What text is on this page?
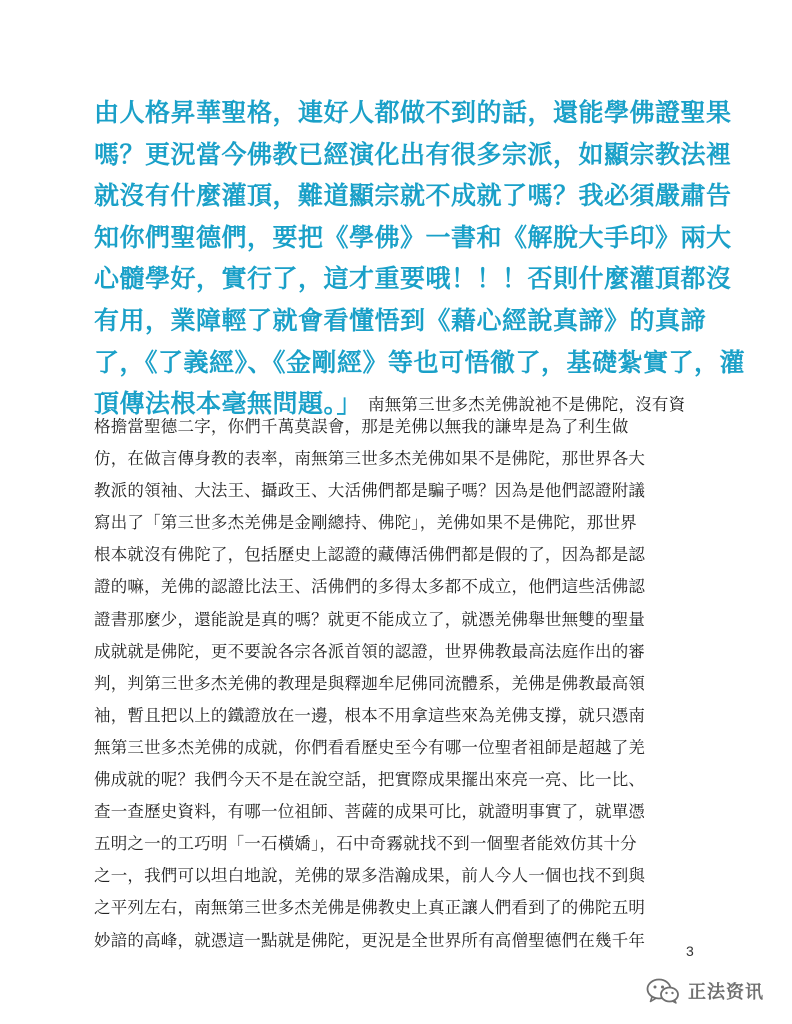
由人格昇華聖格，連好人都做不到的話，還能學佛證聖果
嗎？更況當今佛教已經演化出有很多宗派，如顯宗教法裡
就沒有什麼灌頂，難道顯宗就不成就了嗎？我必須嚴肅告
知你們聖德們，要把《學佛》一書和《解脫大手印》兩大
心髓學好，實行了，這才重要哦！！！否則什麼灌頂都沒
有用，業障輕了就會看懂悟到《藉心經說真諦》的真諦
了，《了義經》、《金剛經》等也可悟徹了，基礎紮實了，灌
頂傳法根本毫無問題。」 南無第三世多杰羌佛說祂不是佛陀，沒有資
格擔當聖德二字，你們千萬莫誤會，那是羌佛以無我的謙卑是為了利生做
仿，在做言傳身教的表率，南無第三世多杰羌佛如果不是佛陀，那世界各大
教派的領袖、大法王、攝政王、大活佛們都是騙子嗎？因為是他們認證附議
寫出了「第三世多杰羌佛是金剛總持、佛陀」，羌佛如果不是佛陀，那世界
根本就沒有佛陀了，包括歷史上認證的藏傳活佛們都是假的了，因為都是認
證的嘛，羌佛的認證比法王、活佛們的多得太多都不成立，他們這些活佛認
證書那麼少，還能說是真的嗎？就更不能成立了，就憑羌佛舉世無雙的聖量
成就就是佛陀，更不要說各宗各派首領的認證，世界佛教最高法庭作出的審
判，判第三世多杰羌佛的教理是與釋迦牟尼佛同流體系，羌佛是佛教最高領
袖，暫且把以上的鐵證放在一邊，根本不用拿這些來為羌佛支撐，就只憑南
無第三世多杰羌佛的成就，你們看看歷史至今有哪一位聖者祖師是超越了羌
佛成就的呢？我們今天不是在說空話，把實際成果擺出來亮一亮、比一比、
查一查歷史資料，有哪一位祖師、菩薩的成果可比，就證明事實了，就單憑
五明之一的工巧明「一石橫嬌」，石中奇霧就找不到一個聖者能效仿其十分
之一，我們可以坦白地說，羌佛的眾多浩瀚成果，前人今人一個也找不到與
之平列左右，南無第三世多杰羌佛是佛教史上真正讓人們看到了的佛陀五明
妙諳的高峰，就憑這一點就是佛陀，更況是全世界所有高僧聖德們在幾千年
3
正法资讯
